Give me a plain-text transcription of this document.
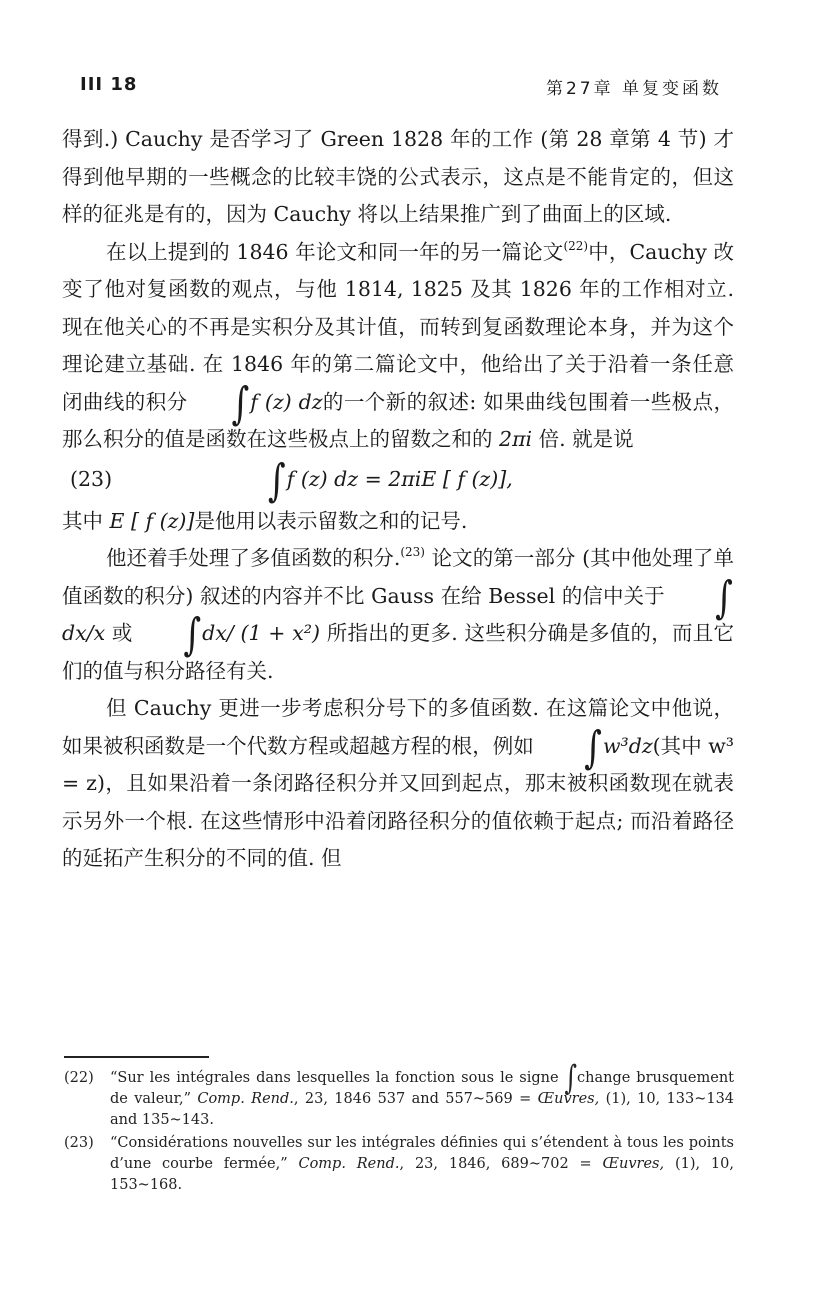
III 18	第27章 单复变函数

得到.) Cauchy 是否学习了 Green 1828 年的工作 (第 28 章第 4 节) 才得到他早期的一些概念的比较丰饶的公式表示，这点是不能肯定的，但这样的征兆是有的，因为 Cauchy 将以上结果推广到了曲面上的区域.

在以上提到的 1846 年论文和同一年的另一篇论文$^{(22)}$中，Cauchy 改变了他对复函数的观点，与他 1814, 1825 及其 1826 年的工作相对立. 现在他关心的不再是实积分及其计值，而转到复函数理论本身，并为这个理论建立基础. 在 1846 年的第二篇论文中，他给出了关于沿着一条任意闭曲线的积分 ∫f (z) dz的一个新的叙述: 如果曲线包围着一些极点，那么积分的值是函数在这些极点上的留数之和的 2πi 倍. 就是说

(23)	∫f (z) dz = 2πiE [ f (z)],

其中 E [ f (z)]是他用以表示留数之和的记号.

他还着手处理了多值函数的积分.$^{(23)}$ 论文的第一部分 (其中他处理了单值函数的积分) 叙述的内容并不比 Gauss 在给 Bessel 的信中关于 ∫dx/x 或 ∫dx/ (1 + x²) 所指出的更多. 这些积分确是多值的，而且它们的值与积分路径有关.

但 Cauchy 更进一步考虑积分号下的多值函数. 在这篇论文中他说，如果被积函数是一个代数方程或超越方程的根，例如 ∫w³dz(其中 w³ = z)，且如果沿着一条闭路径积分并又回到起点，那末被积函数现在就表示另外一个根. 在这些情形中沿着闭路径积分的值依赖于起点; 而沿着路径的延拓产生积分的不同的值. 但

(22) “Sur les intégrales dans lesquelles la fonction sous le signe ∫change brusquement de valeur,” Comp. Rend., 23, 1846 537 and 557~569 = Œuvres, (1), 10, 133~134 and 135~143.
(23) “Considérations nouvelles sur les intégrales définies qui s’étendent à tous les points d’une courbe fermée,” Comp. Rend., 23, 1846, 689~702 = Œuvres, (1), 10, 153~168.
